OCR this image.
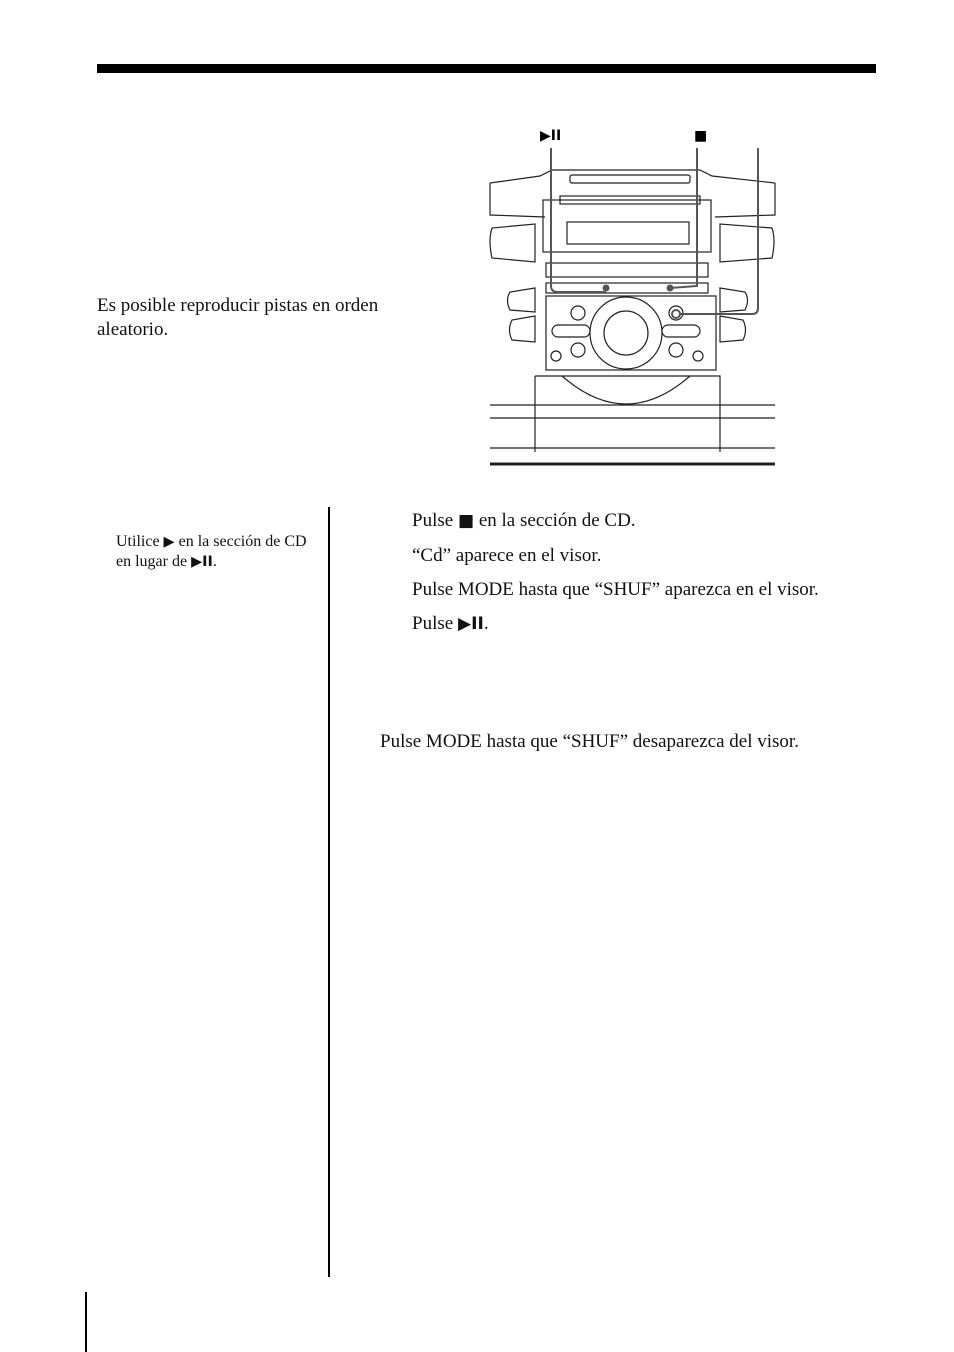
Es posible reproducir pistas en orden aleatorio.

▶II	■
Utilice ▶ en la sección de CD en lugar de ▶II.

Pulse ■ en la sección de CD.

“Cd” aparece en el visor.

Pulse MODE hasta que “SHUF” aparezca en el visor.

Pulse ▶II.

Pulse MODE hasta que “SHUF” desaparezca del visor.
